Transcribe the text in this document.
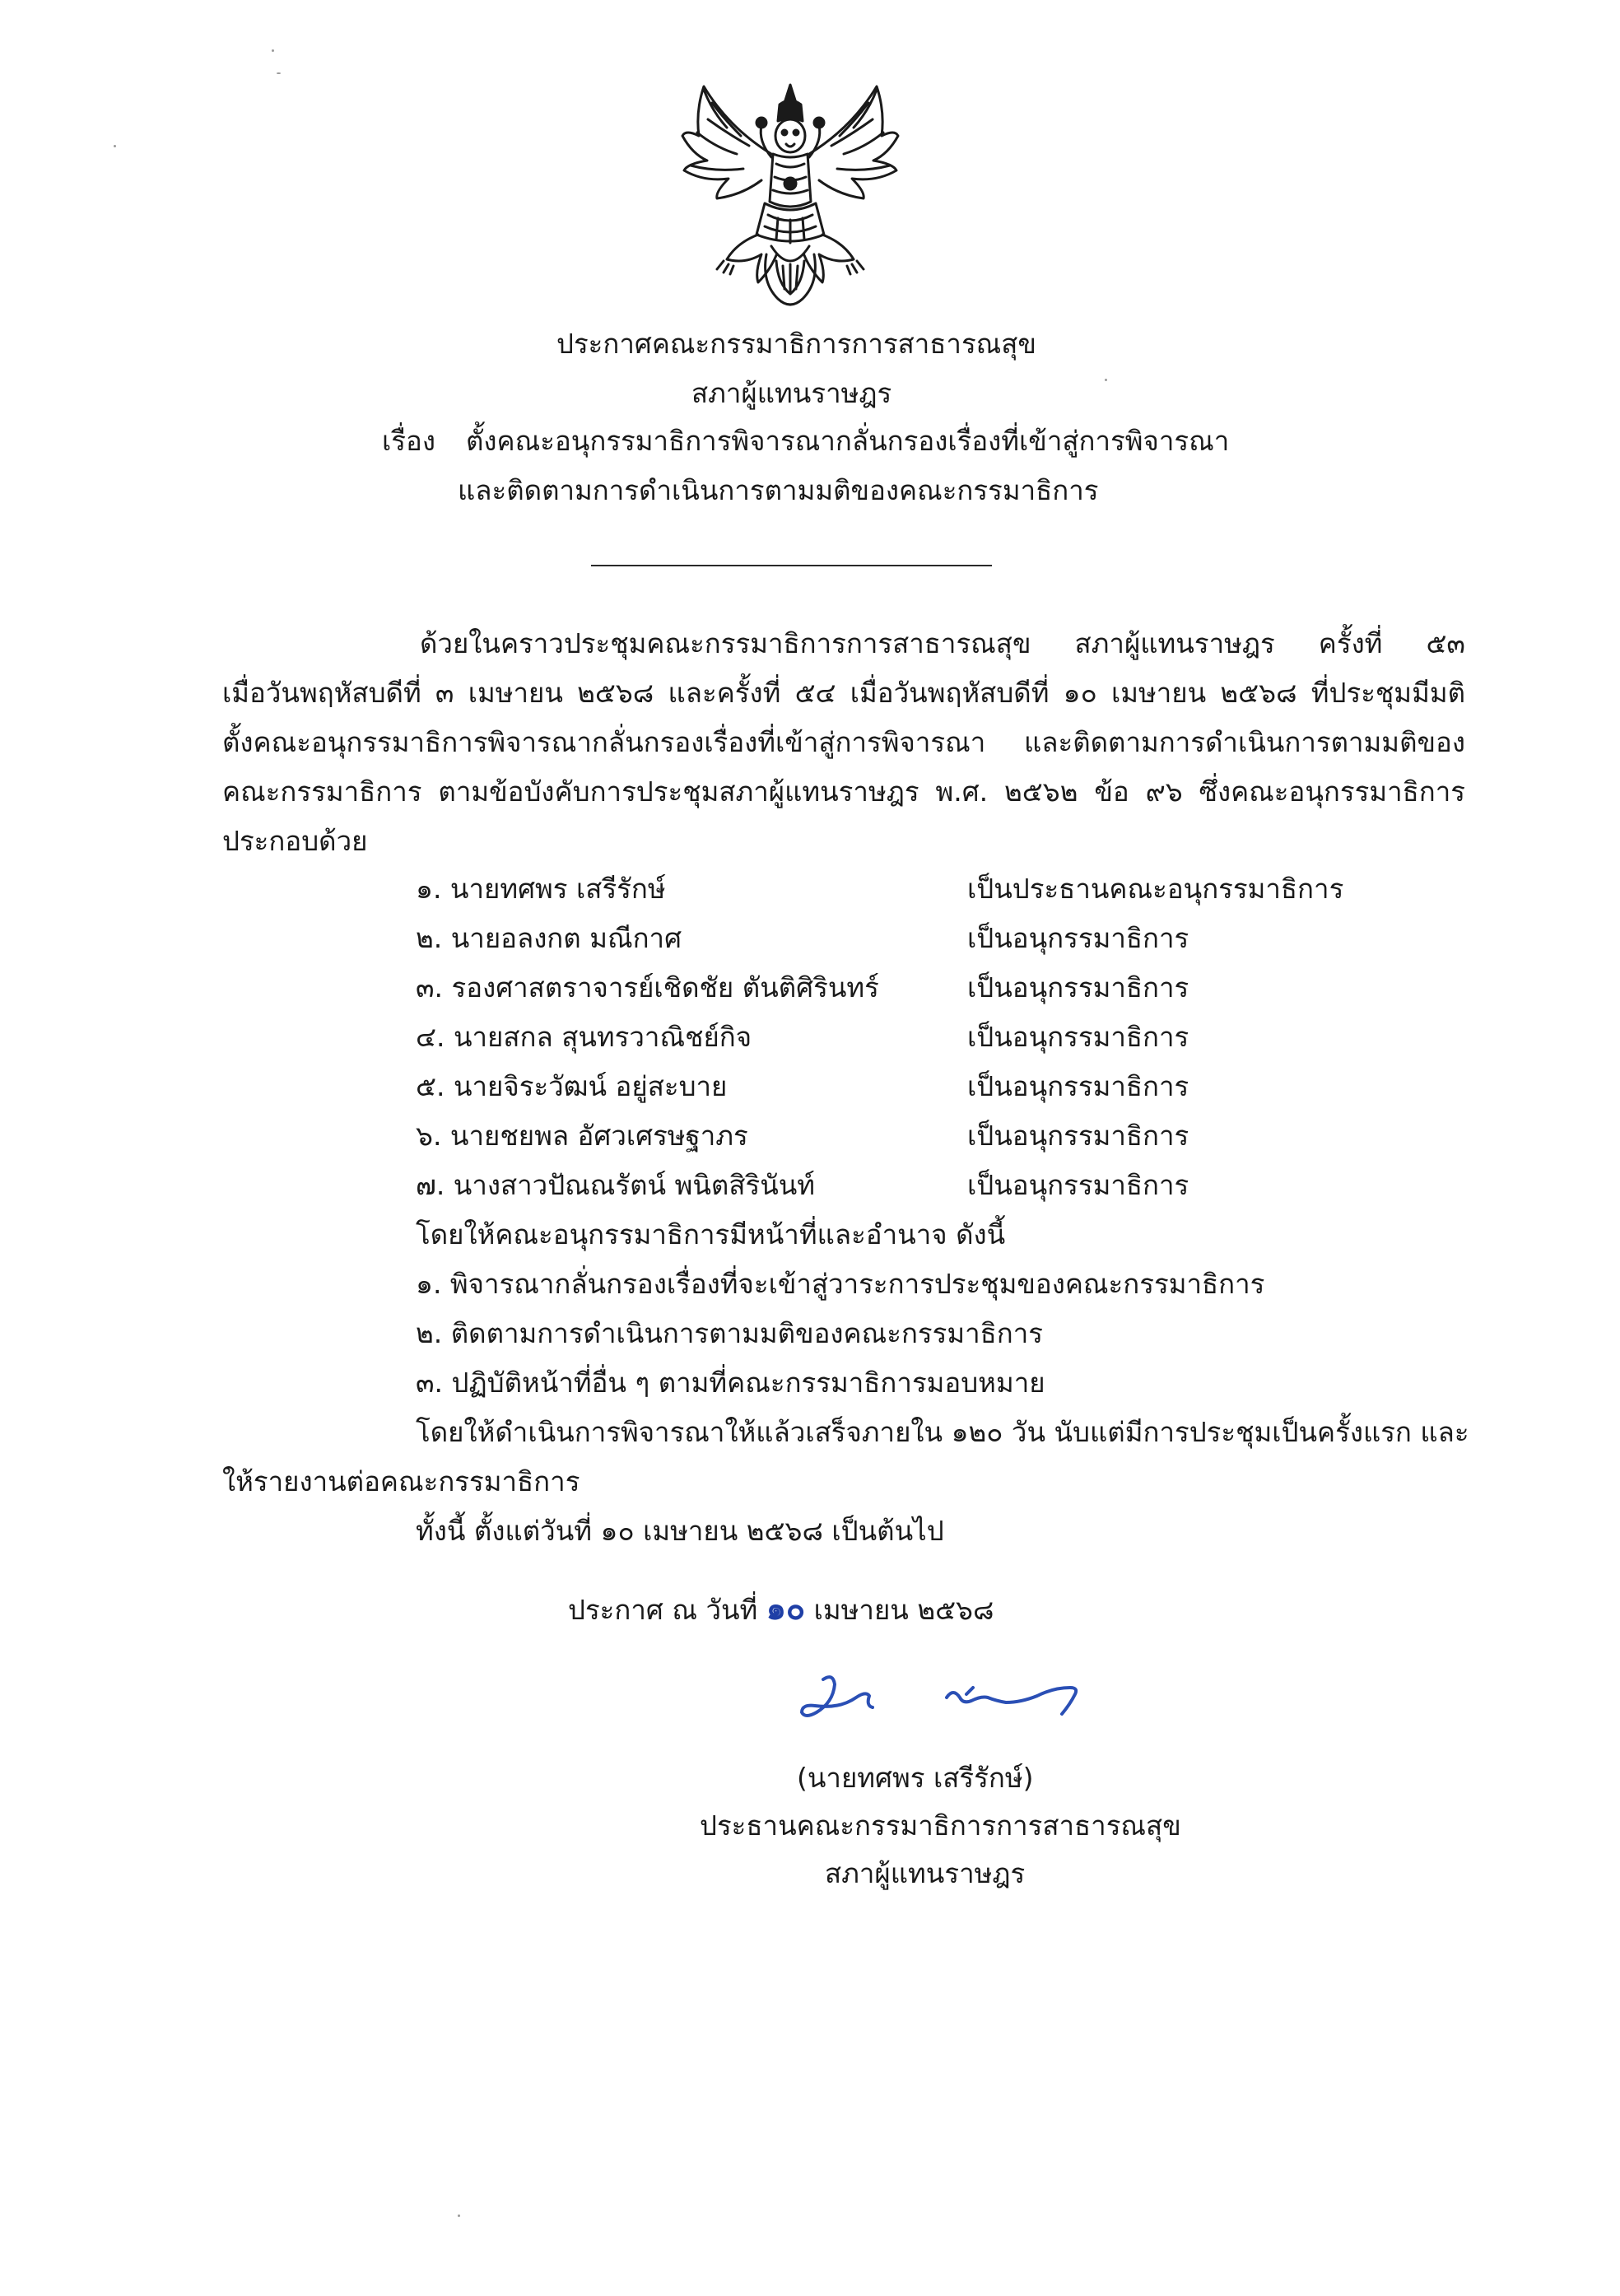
ประกาศคณะกรรมาธิการการสาธารณสุข
สภาผู้แทนราษฎร
เรื่อง ตั้งคณะอนุกรรมาธิการพิจารณากลั่นกรองเรื่องที่เข้าสู่การพิจารณา
และติดตามการดำเนินการตามมติของคณะกรรมาธิการ
ด้วยในคราวประชุมคณะกรรมาธิการการสาธารณสุข สภาผู้แทนราษฎร ครั้งที่ ๕๓
เมื่อวันพฤหัสบดีที่ ๓ เมษายน ๒๕๖๘ และครั้งที่ ๕๔ เมื่อวันพฤหัสบดีที่ ๑๐ เมษายน ๒๕๖๘ ที่ประชุมมีมติ
ตั้งคณะอนุกรรมาธิการพิจารณากลั่นกรองเรื่องที่เข้าสู่การพิจารณา และติดตามการดำเนินการตามมติของ
คณะกรรมาธิการ ตามข้อบังคับการประชุมสภาผู้แทนราษฎร พ.ศ. ๒๕๖๒ ข้อ ๙๖ ซึ่งคณะอนุกรรมาธิการ
ประกอบด้วย
๑. นายทศพร เสรีรักษ์	เป็นประธานคณะอนุกรรมาธิการ
๒. นายอลงกต มณีกาศ	เป็นอนุกรรมาธิการ
๓. รองศาสตราจารย์เชิดชัย ตันติศิรินทร์	เป็นอนุกรรมาธิการ
๔. นายสกล สุนทรวาณิชย์กิจ	เป็นอนุกรรมาธิการ
๕. นายจิระวัฒน์ อยู่สะบาย	เป็นอนุกรรมาธิการ
๖. นายชยพล อัศวเศรษฐาภร	เป็นอนุกรรมาธิการ
๗. นางสาวปัณณรัตน์ พนิตสิรินันท์	เป็นอนุกรรมาธิการ
โดยให้คณะอนุกรรมาธิการมีหน้าที่และอำนาจ ดังนี้
๑. พิจารณากลั่นกรองเรื่องที่จะเข้าสู่วาระการประชุมของคณะกรรมาธิการ
๒. ติดตามการดำเนินการตามมติของคณะกรรมาธิการ
๓. ปฏิบัติหน้าที่อื่น ๆ ตามที่คณะกรรมาธิการมอบหมาย
โดยให้ดำเนินการพิจารณาให้แล้วเสร็จภายใน ๑๒๐ วัน นับแต่มีการประชุมเป็นครั้งแรก และ
ให้รายงานต่อคณะกรรมาธิการ
ทั้งนี้ ตั้งแต่วันที่ ๑๐ เมษายน ๒๕๖๘ เป็นต้นไป
ประกาศ ณ วันที่ ๑๐ เมษายน ๒๕๖๘
(นายทศพร เสรีรักษ์)
ประธานคณะกรรมาธิการการสาธารณสุข
สภาผู้แทนราษฎร
